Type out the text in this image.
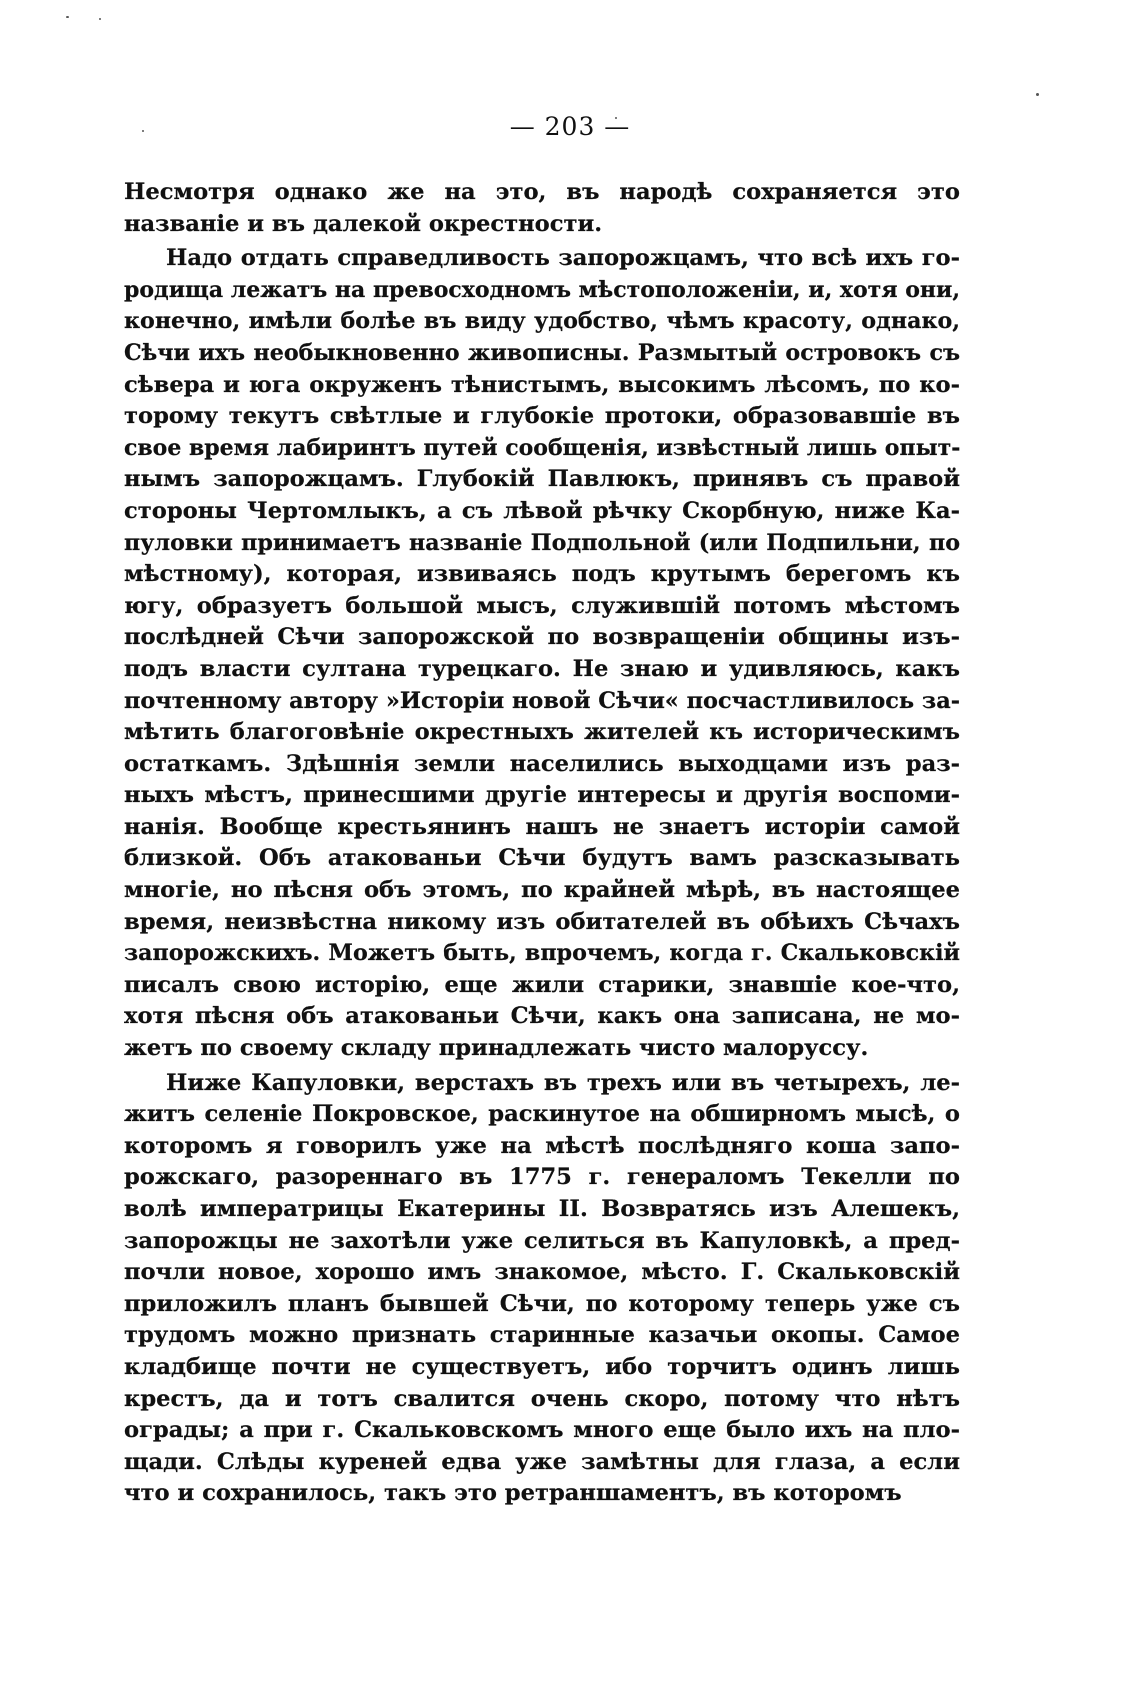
— 203 —
Несмотря однако же на это, въ народѣ сохраняется это
названіе и въ далекой окрестности.
Надо отдать справедливость запорожцамъ, что всѣ ихъ го-
родища лежатъ на превосходномъ мѣстоположеніи, и, хотя они,
конечно, имѣли болѣе въ виду удобство, чѣмъ красоту, однако,
Сѣчи ихъ необыкновенно живописны. Размытый островокъ съ
сѣвера и юга окруженъ тѣнистымъ, высокимъ лѣсомъ, по ко-
торому текутъ свѣтлые и глубокіе протоки, образовавшіе въ
свое время лабиринтъ путей сообщенія, извѣстный лишь опыт-
нымъ запорожцамъ. Глубокій Павлюкъ, принявъ съ правой
стороны Чертомлыкъ, а съ лѣвой рѣчку Скорбную, ниже Ка-
пуловки принимаетъ названіе Подпольной (или Подпильни, по
мѣстному), которая, извиваясь подъ крутымъ берегомъ къ
югу, образуетъ большой мысъ, служившій потомъ мѣстомъ
послѣдней Сѣчи запорожской по возвращеніи общины изъ-
подъ власти султана турецкаго. Не знаю и удивляюсь, какъ
почтенному автору »Исторіи новой Сѣчи« посчастливилось за-
мѣтить благоговѣніе окрестныхъ жителей къ историческимъ
остаткамъ. Здѣшнія земли населились выходцами изъ раз-
ныхъ мѣстъ, принесшими другіе интересы и другія воспоми-
нанія. Вообще крестьянинъ нашъ не знаетъ исторіи самой
близкой. Объ атакованьи Сѣчи будутъ вамъ разсказывать
многіе, но пѣсня объ этомъ, по крайней мѣрѣ, въ настоящее
время, неизвѣстна никому изъ обитателей въ обѣихъ Сѣчахъ
запорожскихъ. Можетъ быть, впрочемъ, когда г. Скальковскій
писалъ свою исторію, еще жили старики, знавшіе кое-что,
хотя пѣсня объ атакованьи Сѣчи, какъ она записана, не мо-
жетъ по своему складу принадлежать чисто малоруссу.
Ниже Капуловки, верстахъ въ трехъ или въ четырехъ, ле-
житъ селеніе Покровское, раскинутое на обширномъ мысѣ, о
которомъ я говорилъ уже на мѣстѣ послѣдняго коша запо-
рожскаго, разореннаго въ 1775 г. генераломъ Текелли по
волѣ императрицы Екатерины II. Возвратясь изъ Алешекъ,
запорожцы не захотѣли уже селиться въ Капуловкѣ, а пред-
почли новое, хорошо имъ знакомое, мѣсто. Г. Скальковскій
приложилъ планъ бывшей Сѣчи, по которому теперь уже съ
трудомъ можно признать старинные казачьи окопы. Самое
кладбище почти не существуетъ, ибо торчитъ одинъ лишь
крестъ, да и тотъ свалится очень скоро, потому что нѣтъ
ограды; а при г. Скальковскомъ много еще было ихъ на пло-
щади. Слѣды куреней едва уже замѣтны для глаза, а если
что и сохранилось, такъ это ретраншаментъ, въ которомъ
